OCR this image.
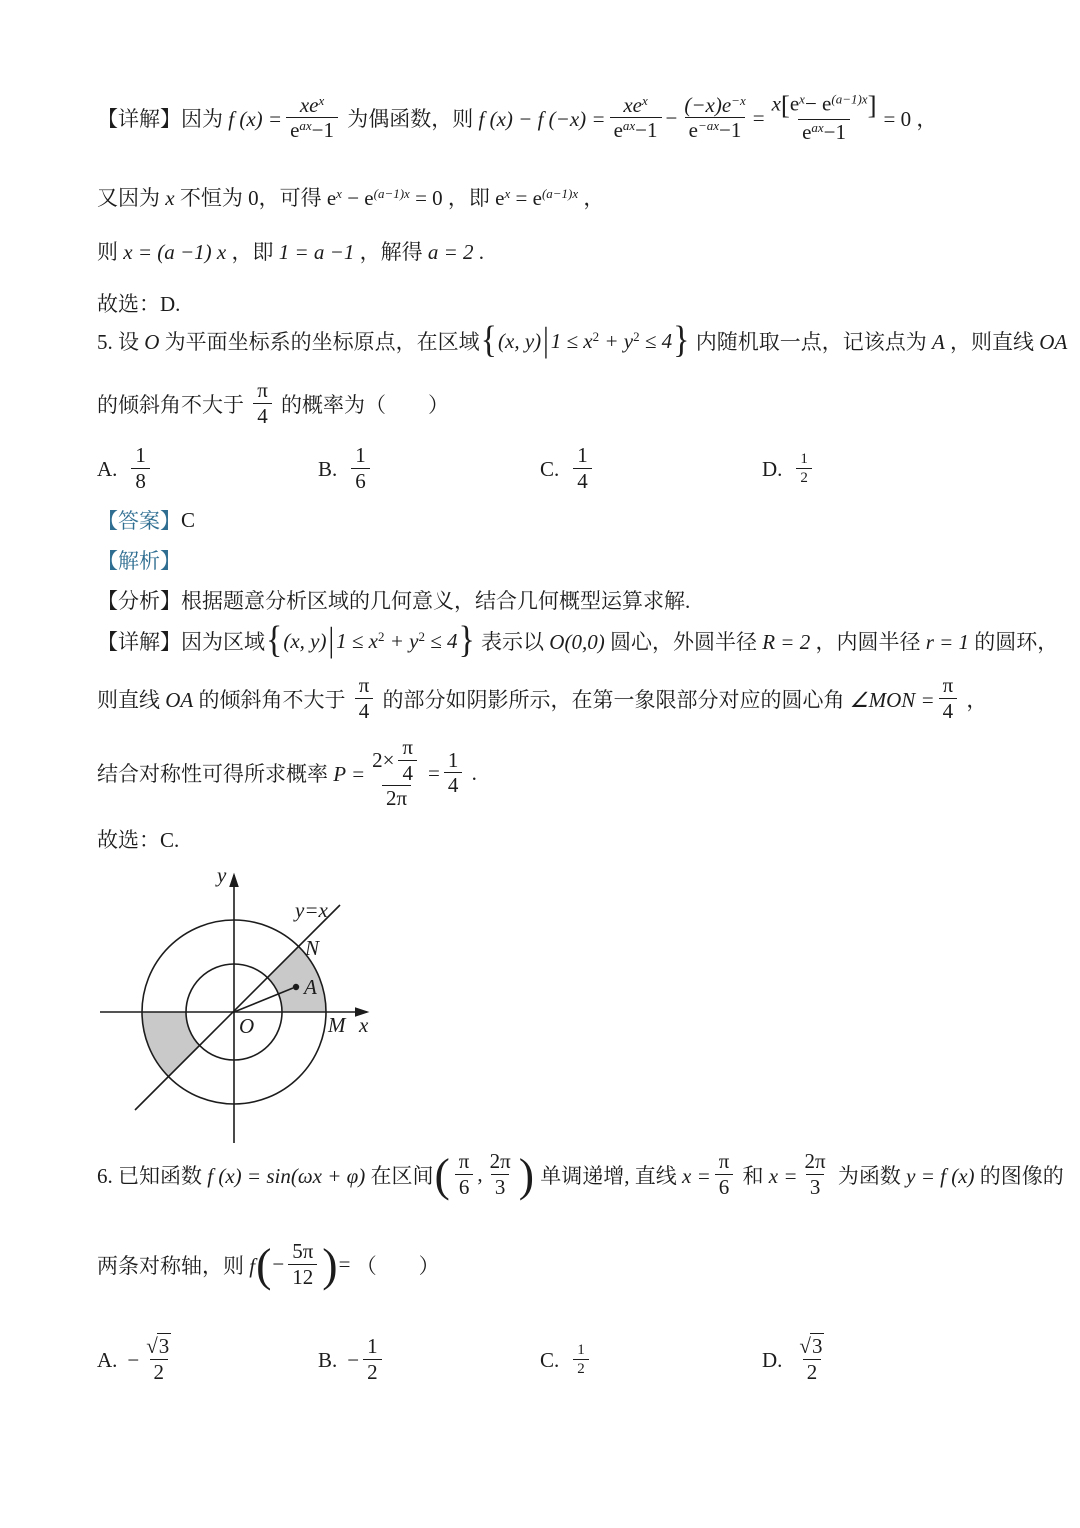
【详解】因为 f $(x) = \frac{xe^x}{e^{ax}-1}$ 为偶函数，则 f (x) − f $(-x) = \frac{xe^x}{e^{ax}-1} - \frac{(-x)e^{-x}}{e^{-ax}-1} = \frac{x[e^x- e^{(a-1)x}]}{e^{ax}-1} = 0$ ，
又因为 x 不恒为 0，可得 $e^x - e^{(a-1)x} = 0$ ，即 $e^x = e^{(a-1)x}$ ，
则 x = (a −1) x ，即 1 = a −1 ，解得 a = 2 .
故选：D.
5. 设 O 为平面坐标系的坐标原点，在区域 { (x, y) | $1 \le x^2 + y^2 \le 4$ } 内随机取一点，记该点为 A ，则直线 OA
的倾斜角不大于 $\frac{\pi}{4}$ 的概率为（　　）
A. $\frac{1}{8}$	B. $\frac{1}{6}$	C. $\frac{1}{4}$	D. $\frac{1}{2}$
【答案】 C
【解析】
【分析】根据题意分析区域的几何意义，结合几何概型运算求解.
【详解】因为区域 { (x, y) | $1 \le x^2 + y^2 \le 4$ } 表示以 O(0,0) 圆心，外圆半径 R = 2 ，内圆半径 r = 1 的圆环，
则直线 OA 的倾斜角不大于 $\frac{\pi}{4}$ 的部分如阴影所示，在第一象限部分对应的圆心角 ∠MON = $\frac{\pi}{4}$ ，
结合对称性可得所求概率 $P = \frac{2\times \frac{\pi}{4}}{2\pi} = \frac{1}{4}$ .
故选：C.
y
x
O	M
N
A
y=x
6. 已知函数 f (x) = sin(ωx + φ) 在区间 ( $\frac{\pi}{6}$ , $\frac{2\pi}{3}$ ) 单调递增, 直线 $x = \frac{\pi}{6}$ 和 $x = \frac{2\pi}{3}$ 为函数 y = f (x) 的图像的
两条对称轴，则 f ( − $\frac{5\pi}{12}$ ) = （　　）
A. − $\frac{√3}{2}$	B. − $\frac{1}{2}$	C. $\frac{1}{2}$	D. $\frac{√3}{2}$
